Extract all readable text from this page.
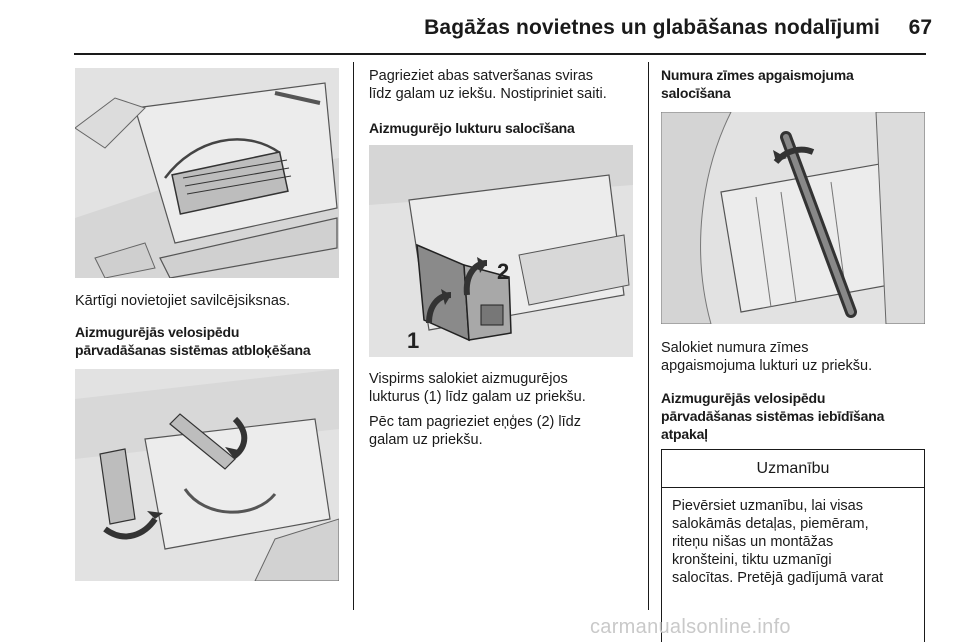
Bagāžas novietnes un glabāšanas nodalījumi	67
Kārtīgi novietojiet savilcējsiksnas.
Aizmugurējās velosipēdu
pārvadāšanas sistēmas atbloķēšana
Pagrieziet abas satveršanas sviras
līdz galam uz iekšu. Nostipriniet saiti.
Aizmugurējo lukturu salocīšana
1
2
Vispirms salokiet aizmugurējos
lukturus (1) līdz galam uz priekšu.
Pēc tam pagrieziet eņģes (2) līdz
galam uz priekšu.
Numura zīmes apgaismojuma
salocīšana
Salokiet numura zīmes
apgaismojuma lukturi uz priekšu.
Aizmugurējās velosipēdu
pārvadāšanas sistēmas iebīdīšana
atpakaļ
Uzmanību
Pievērsiet uzmanību, lai visas
salokāmās detaļas, piemēram,
riteņu nišas un montāžas
kronšteini, tiktu uzmanīgi
salocītas. Pretējā gadījumā varat
carmanualsonline.info
